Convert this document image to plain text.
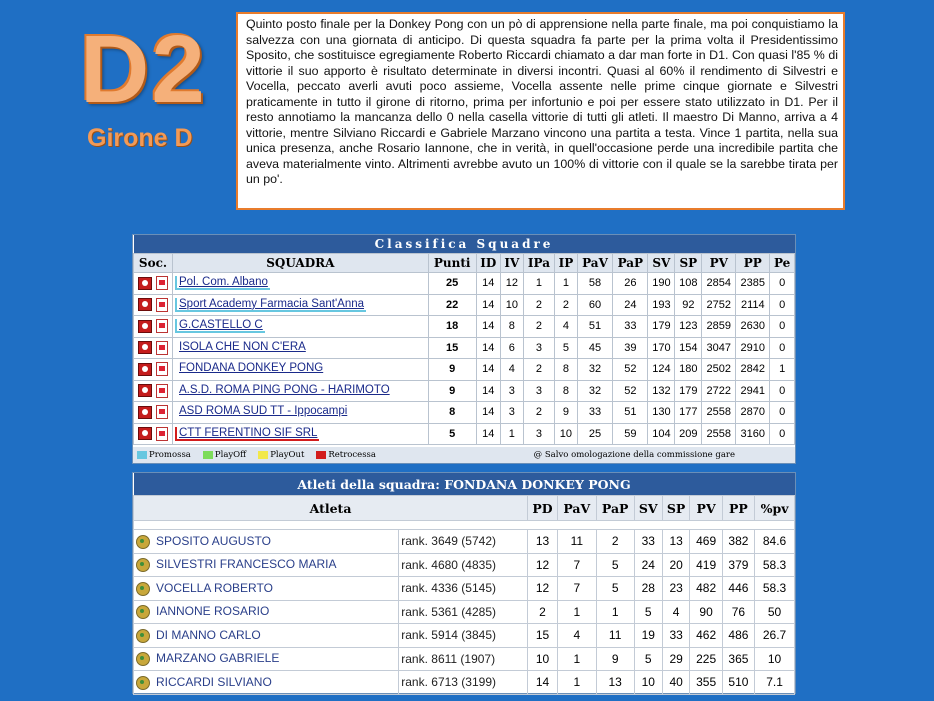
D2
Girone D
Quinto posto finale per la Donkey Pong con un pò di apprensione nella parte finale, ma poi conquistiamo la salvezza con una giornata di anticipo. Di questa squadra fa parte per la prima volta il Presidentissimo Sposito, che sostituisce egregiamente Roberto Riccardi chiamato a dar man forte in D1. Con quasi l'85 % di vittorie il suo apporto è risultato determinate in diversi incontri. Quasi al 60% il rendimento di Silvestri e Vocella, peccato averli avuti poco assieme, Vocella assente nelle prime cinque giornate e Silvestri praticamente in tutto il girone di ritorno, prima per infortunio e poi per essere stato utilizzato in D1. Per il resto annotiamo la mancanza dello 0 nella casella vittorie di tutti gli atleti. Il maestro Di Manno, arriva a 4 vittorie, mentre Silviano Riccardi e Gabriele Marzano vincono una partita a testa. Vince 1 partita, nella sua unica presenza, anche Rosario Iannone, che in verità, in quell'occasione perde una incredibile partita che aveva materialmente vinto. Altrimenti avrebbe avuto un 100% di vittorie con il quale se la sarebbe tirata per un po'.
Classifica Squadre													
Soc.	SQUADRA	Punti	ID	IV	IPa	IP	PaV	PaP	SV	SP	PV	PP	Pe
	Pol. Com. Albano	25	14	12	1	1	58	26	190	108	2854	2385	0
	Sport Academy Farmacia Sant'Anna	22	14	10	2	2	60	24	193	92	2752	2114	0
	G.CASTELLO C	18	14	8	2	4	51	33	179	123	2859	2630	0
	ISOLA CHE NON C'ERA	15	14	6	3	5	45	39	170	154	3047	2910	0
	FONDANA DONKEY PONG	9	14	4	2	8	32	52	124	180	2502	2842	1
	A.S.D. ROMA PING PONG - HARIMOTO	9	14	3	3	8	32	52	132	179	2722	2941	0
	ASD ROMA SUD TT - Ippocampi	8	14	3	2	9	33	51	130	177	2558	2870	0
	CTT FERENTINO SIF SRL	5	14	1	3	10	25	59	104	209	2558	3160	0
Promossa	PlayOff	PlayOut	Retrocessa	@ Salvo omologazione della commissione gare
Atleti della squadra: FONDANA DONKEY PONG									
Atleta		PD	PaV	PaP	SV	SP	PV	PP	%pv

SPOSITO AUGUSTO	rank. 3649 (5742)	13	11	2	33	13	469	382	84.6
SILVESTRI FRANCESCO MARIA	rank. 4680 (4835)	12	7	5	24	20	419	379	58.3
VOCELLA ROBERTO	rank. 4336 (5145)	12	7	5	28	23	482	446	58.3
IANNONE ROSARIO	rank. 5361 (4285)	2	1	1	5	4	90	76	50
DI MANNO CARLO	rank. 5914 (3845)	15	4	11	19	33	462	486	26.7
MARZANO GABRIELE	rank. 8611 (1907)	10	1	9	5	29	225	365	10
RICCARDI SILVIANO	rank. 6713 (3199)	14	1	13	10	40	355	510	7.1
